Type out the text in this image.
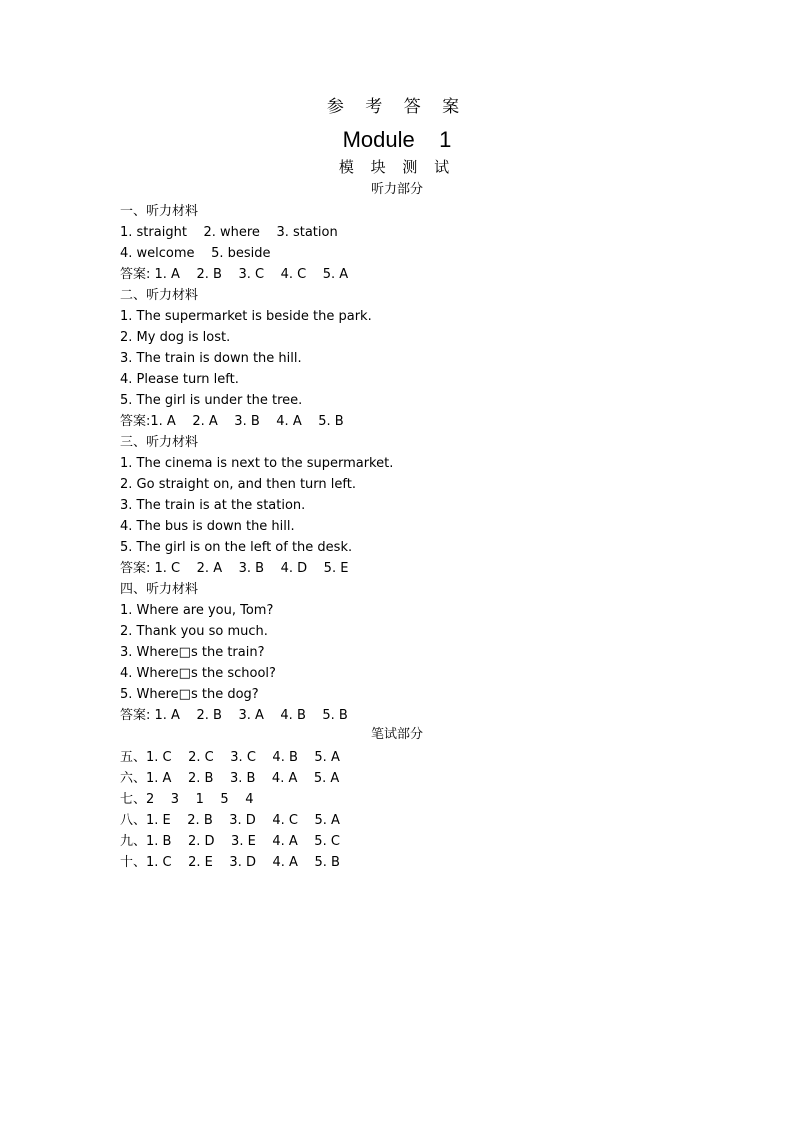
参 考 答 案
Module    1
模 块 测 试
听力部分
一、听力材料
1. straight    2. where    3. station
4. welcome    5. beside
答案: 1. A    2. B    3. C    4. C    5. A
二、听力材料
1. The supermarket is beside the park.
2. My dog is lost.
3. The train is down the hill.
4. Please turn left.
5. The girl is under the tree.
答案:1. A    2. A    3. B    4. A    5. B
三、听力材料
1. The cinema is next to the supermarket.
2. Go straight on, and then turn left.
3. The train is at the station.
4. The bus is down the hill.
5. The girl is on the left of the desk.
答案: 1. C    2. A    3. B    4. D    5. E
四、听力材料
1. Where are you, Tom?
2. Thank you so much.
3. Where□s the train?
4. Where□s the school?
5. Where□s the dog?
答案: 1. A    2. B    3. A    4. B    5. B
笔试部分
五、1. C    2. C    3. C    4. B    5. A
六、1. A    2. B    3. B    4. A    5. A
七、2    3    1    5    4
八、1. E    2. B    3. D    4. C    5. A
九、1. B    2. D    3. E    4. A    5. C
十、1. C    2. E    3. D    4. A    5. B
